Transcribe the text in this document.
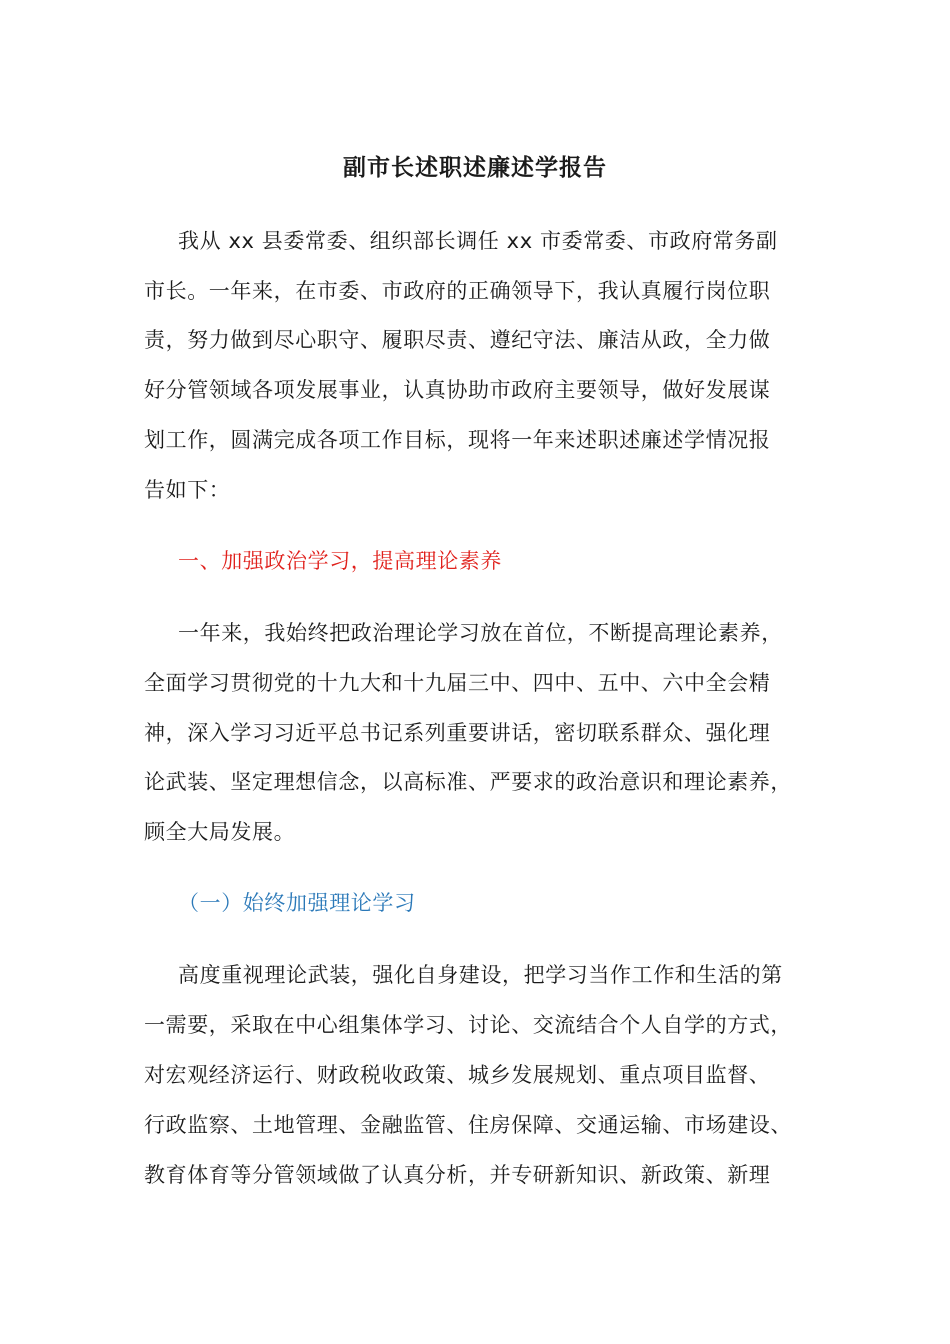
副市长述职述廉述学报告
我从 xx 县委常委、组织部长调任 xx 市委常委、市政府常务副
市长。一年来，在市委、市政府的正确领导下，我认真履行岗位职
责，努力做到尽心职守、履职尽责、遵纪守法、廉洁从政，全力做
好分管领域各项发展事业，认真协助市政府主要领导，做好发展谋
划工作，圆满完成各项工作目标，现将一年来述职述廉述学情况报
告如下：
一、加强政治学习，提高理论素养
一年来，我始终把政治理论学习放在首位，不断提高理论素养，
全面学习贯彻党的十九大和十九届三中、四中、五中、六中全会精
神，深入学习习近平总书记系列重要讲话，密切联系群众、强化理
论武装、坚定理想信念，以高标准、严要求的政治意识和理论素养，
顾全大局发展。
（一）始终加强理论学习
高度重视理论武装，强化自身建设，把学习当作工作和生活的第
一需要，采取在中心组集体学习、讨论、交流结合个人自学的方式，
对宏观经济运行、财政税收政策、城乡发展规划、重点项目监督、
行政监察、土地管理、金融监管、住房保障、交通运输、市场建设、
教育体育等分管领域做了认真分析，并专研新知识、新政策、新理
